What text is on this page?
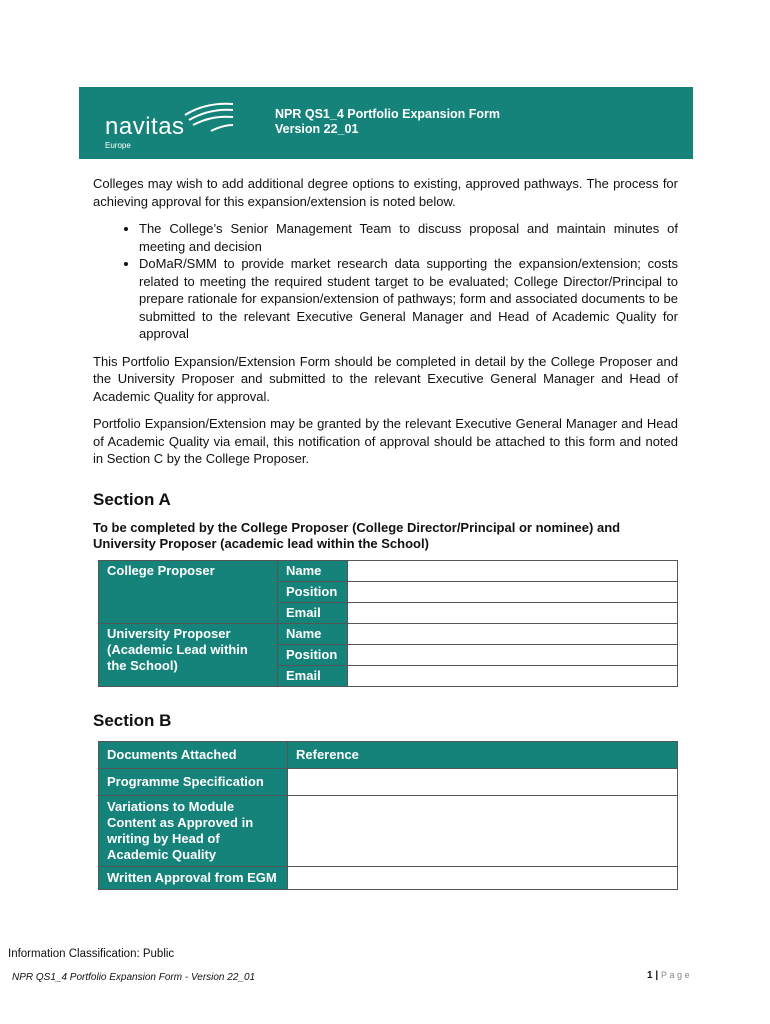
navitas
Europe
NPR QS1_4 Portfolio Expansion Form
Version 22_01

Colleges may wish to add additional degree options to existing, approved pathways. The process for achieving approval for this expansion/extension is noted below.

• The College’s Senior Management Team to discuss proposal and maintain minutes of meeting and decision
• DoMaR/SMM to provide market research data supporting the expansion/extension; costs related to meeting the required student target to be evaluated; College Director/Principal to prepare rationale for expansion/extension of pathways; form and associated documents to be submitted to the relevant Executive General Manager and Head of Academic Quality for approval

This Portfolio Expansion/Extension Form should be completed in detail by the College Proposer and the University Proposer and submitted to the relevant Executive General Manager and Head of Academic Quality for approval.

Portfolio Expansion/Extension may be granted by the relevant Executive General Manager and Head of Academic Quality via email, this notification of approval should be attached to this form and noted in Section C by the College Proposer.

Section A
To be completed by the College Proposer (College Director/Principal or nominee) and University Proposer (academic lead within the School)
College Proposer	Name	
	Position	
	Email	
University Proposer (Academic Lead within the School)	Name	
	Position	
	Email	
Section B
Documents Attached	Reference
Programme Specification	
Variations to Module Content as Approved in writing by Head of Academic Quality	
Written Approval from EGM	
Information Classification: Public
NPR QS1_4 Portfolio Expansion Form - Version 22_01	1 | Page
